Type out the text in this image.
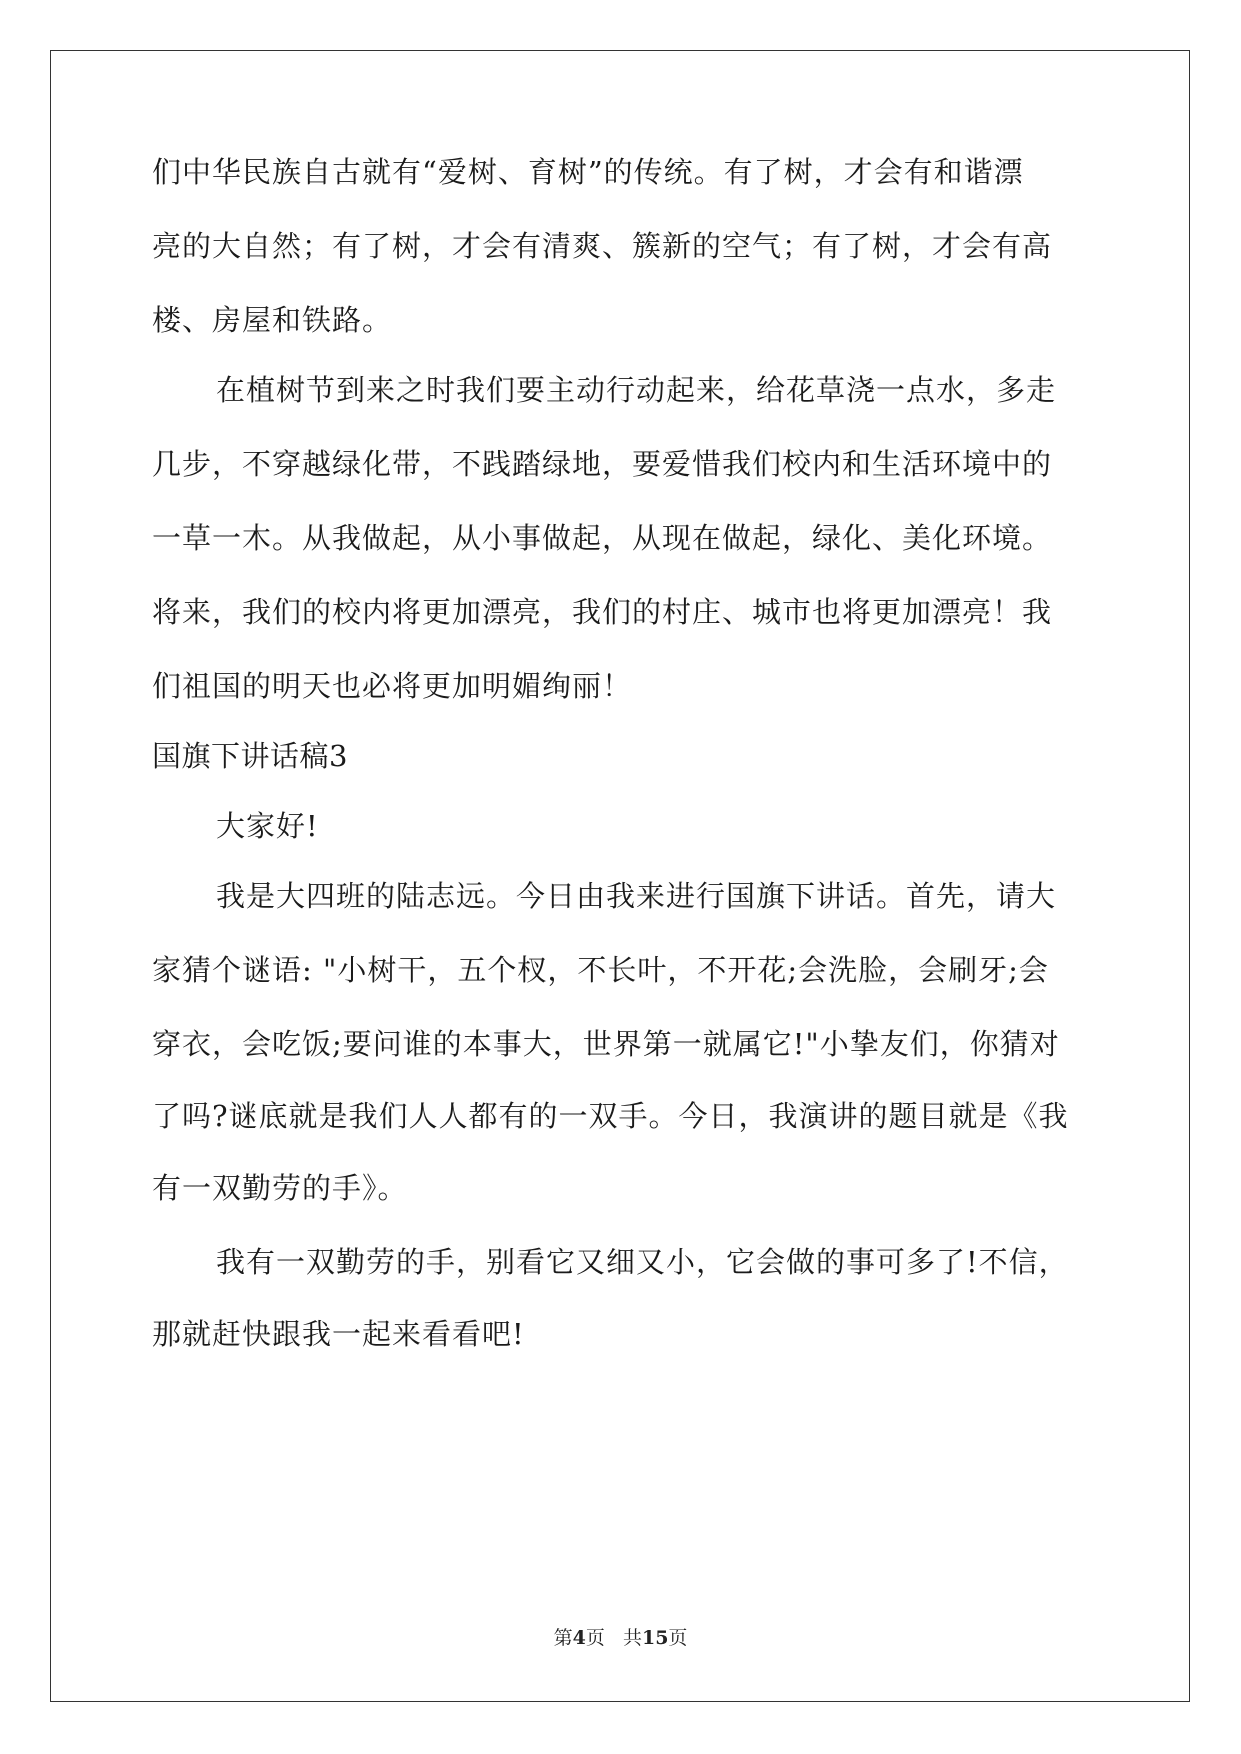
们中华民族自古就有“爱树、育树”的传统。有了树，才会有和谐漂
亮的大自然；有了树，才会有清爽、簇新的空气；有了树，才会有高
楼、房屋和铁路。
在植树节到来之时我们要主动行动起来，给花草浇一点水，多走
几步，不穿越绿化带，不践踏绿地，要爱惜我们校内和生活环境中的
一草一木。从我做起，从小事做起，从现在做起，绿化、美化环境。
将来，我们的校内将更加漂亮，我们的村庄、城市也将更加漂亮！我
们祖国的明天也必将更加明媚绚丽！
国旗下讲话稿3
大家好!
我是大四班的陆志远。今日由我来进行国旗下讲话。首先，请大
家猜个谜语: "小树干，五个杈，不长叶，不开花;会洗脸，会刷牙;会
穿衣，会吃饭;要问谁的本事大，世界第一就属它!"小挚友们，你猜对
了吗?谜底就是我们人人都有的一双手。今日，我演讲的题目就是《我
有一双勤劳的手》。
我有一双勤劳的手，别看它又细又小，它会做的事可多了!不信，
那就赶快跟我一起来看看吧!
第4页 共15页
